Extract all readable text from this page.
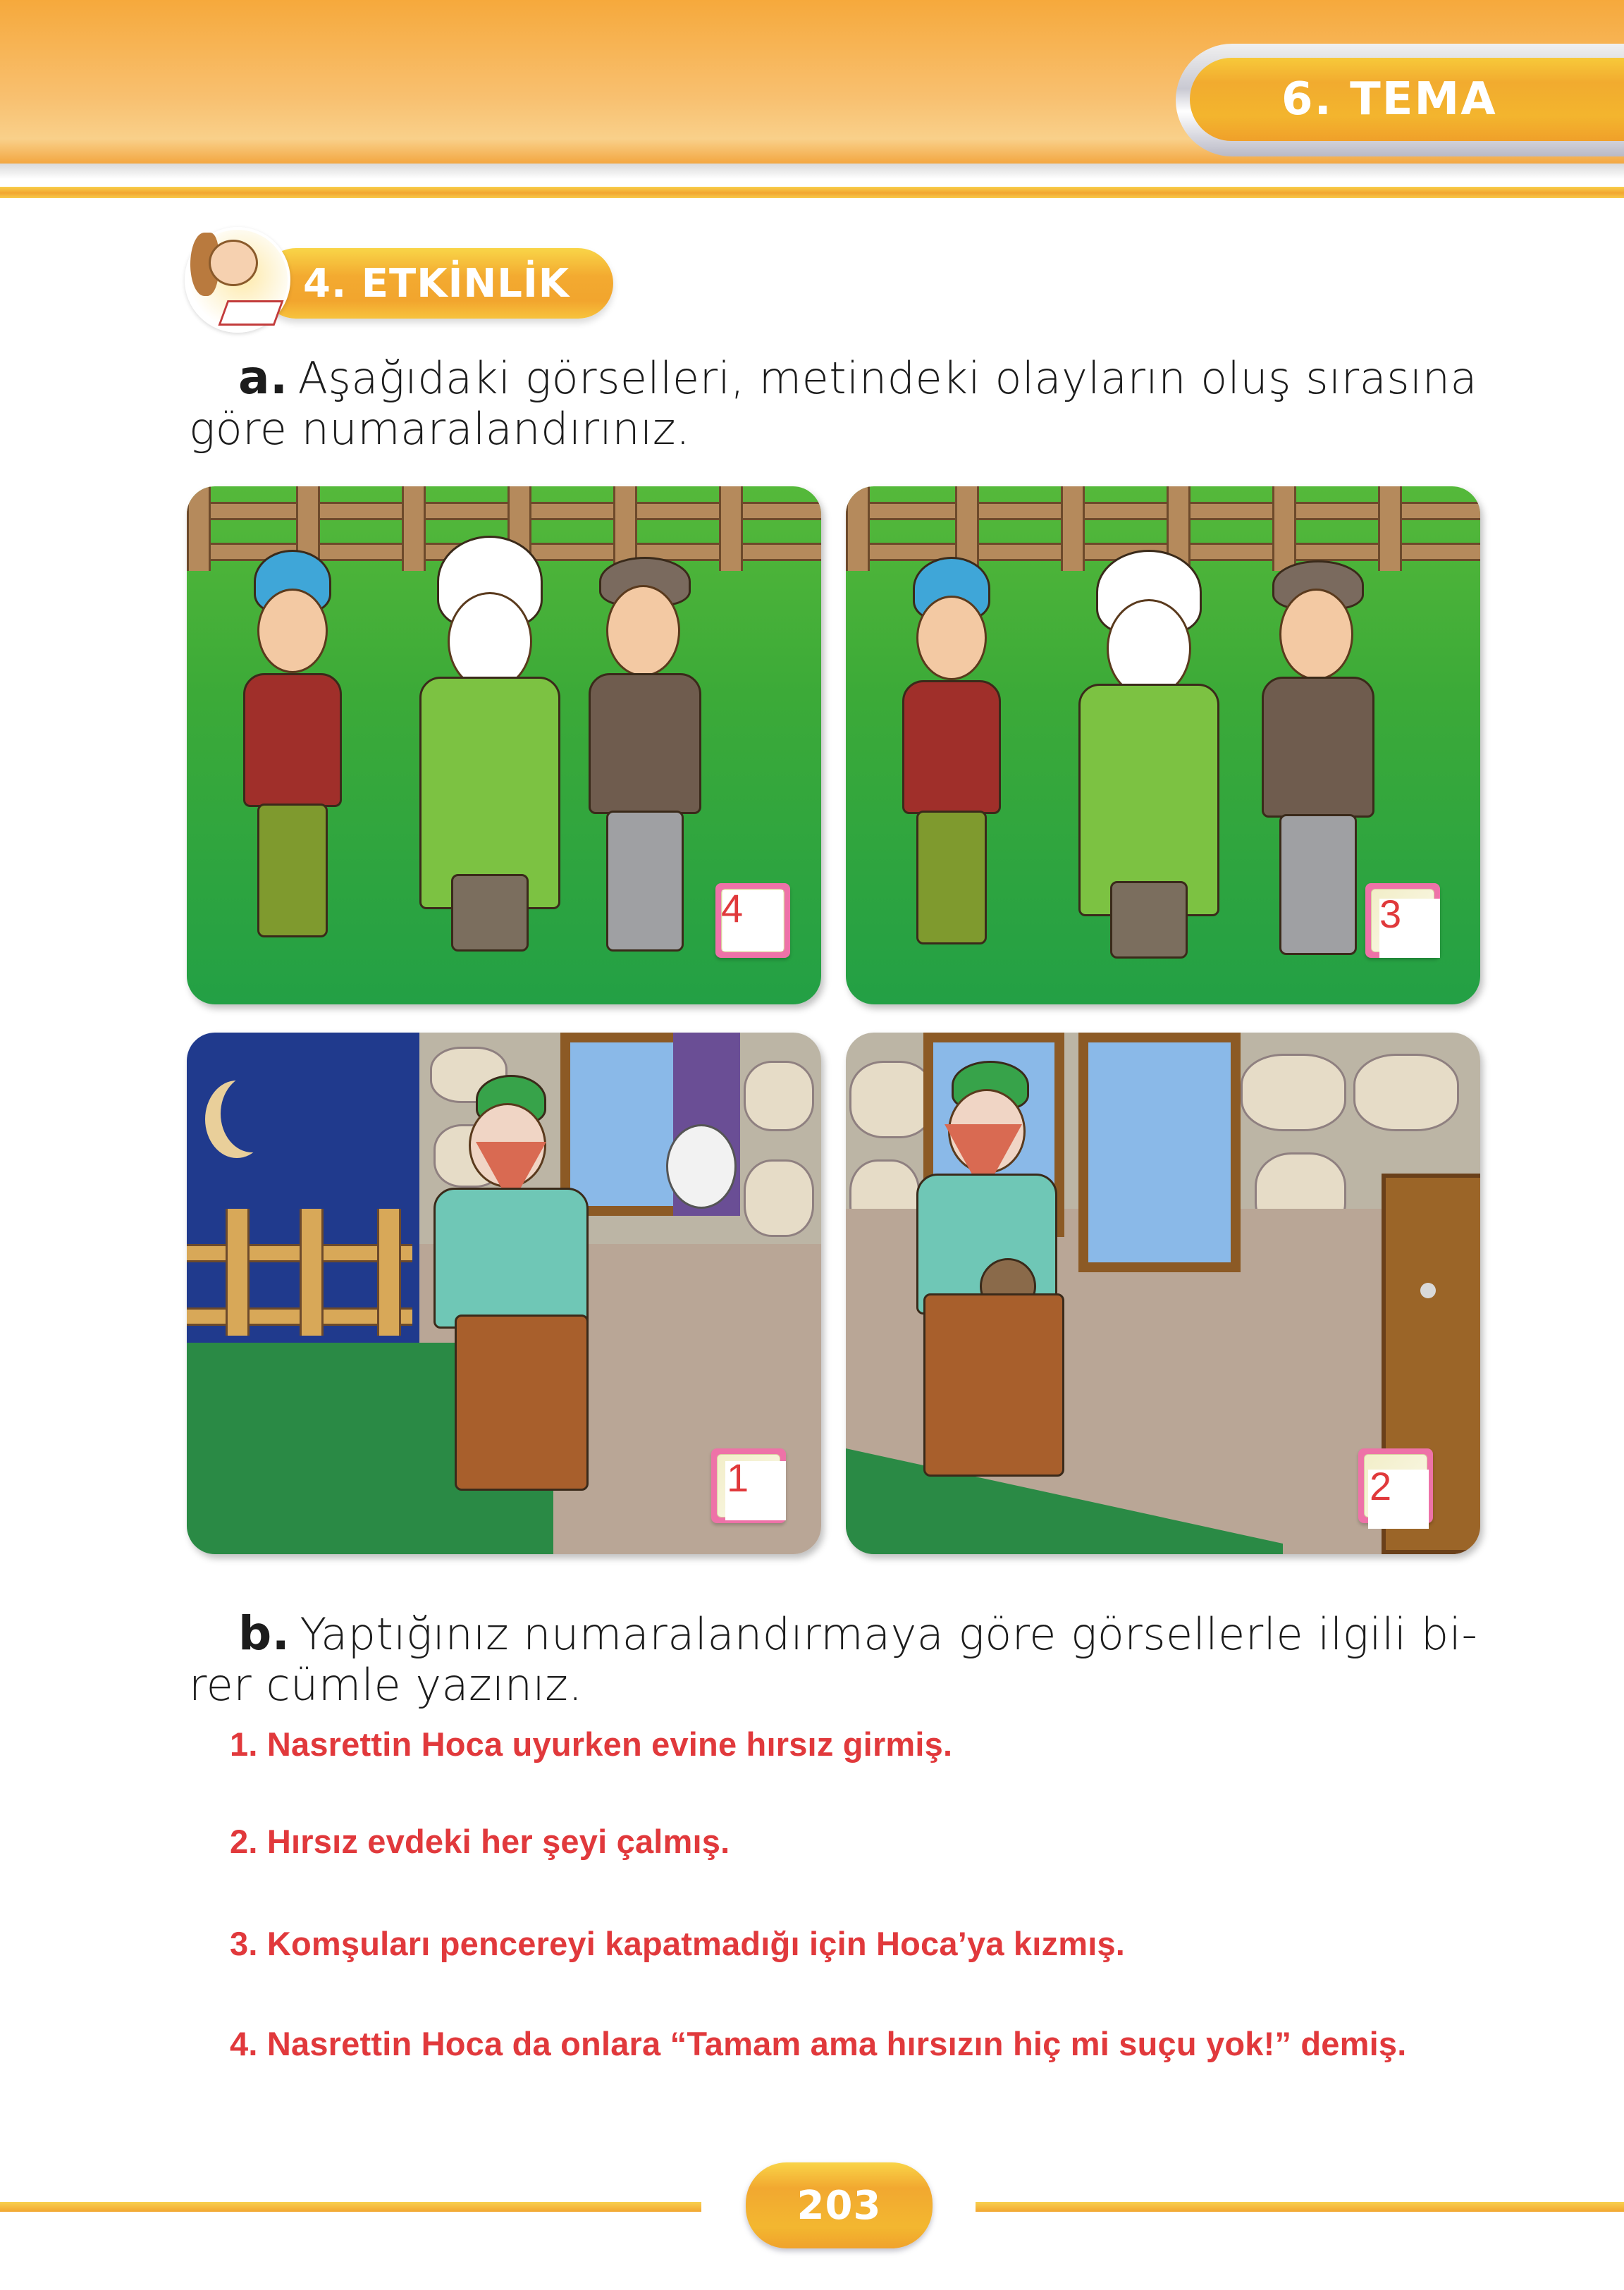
6. TEMA
4. ETKİNLİK
a. Aşağıdaki görselleri, metindeki olayların oluş sırasına
göre numaralandırınız.
4	3
1	2
b. Yaptığınız numaralandırmaya göre görsellerle ilgili bi-
rer cümle yazınız.
1. Nasrettin Hoca uyurken evine hırsız girmiş.
2. Hırsız evdeki her şeyi çalmış.
3. Komşuları pencereyi kapatmadığı için Hoca’ya kızmış.
4. Nasrettin Hoca da onlara “Tamam ama hırsızın hiç mi suçu yok!” demiş.
203
